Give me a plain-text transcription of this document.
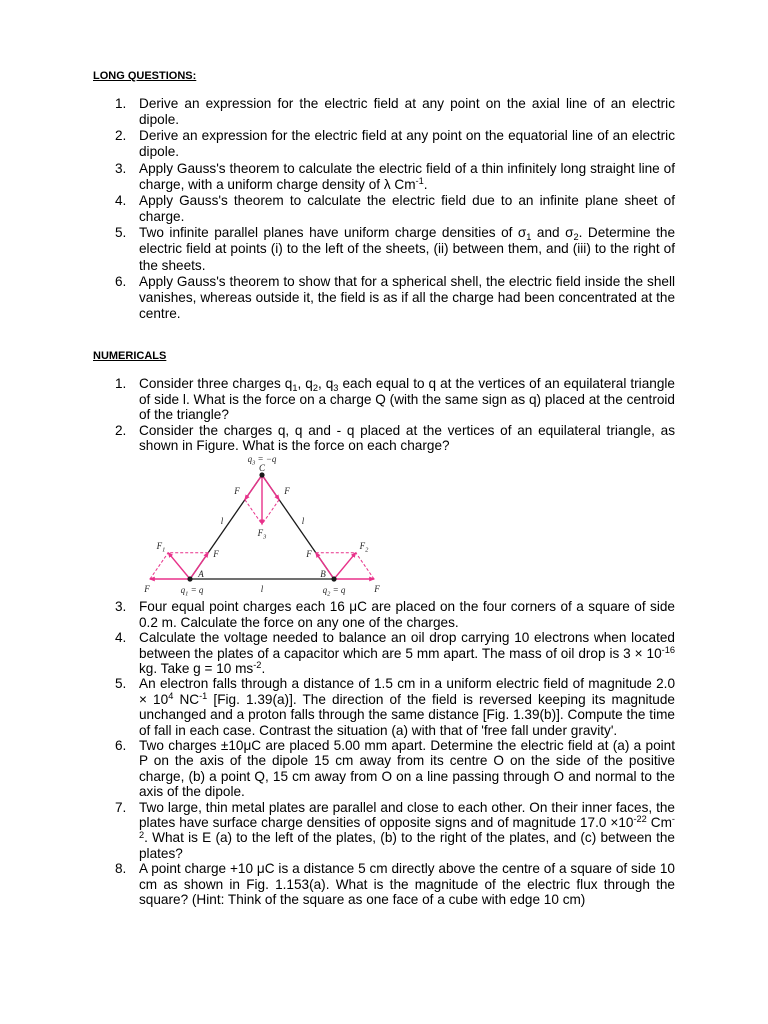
LONG QUESTIONS:
1. Derive an expression for the electric field at any point on the axial line of an electric dipole.
2. Derive an expression for the electric field at any point on the equatorial line of an electric dipole.
3. Apply Gauss's theorem to calculate the electric field of a thin infinitely long straight line of charge, with a uniform charge density of λ $Cm^{-1}$.
4. Apply Gauss's theorem to calculate the electric field due to an infinite plane sheet of charge.
5. Two infinite parallel planes have uniform charge densities of $\sigma_1$ and $\sigma_2$. Determine the electric field at points (i) to the left of the sheets, (ii) between them, and (iii) to the right of the sheets.
6. Apply Gauss's theorem to show that for a spherical shell, the electric field inside the shell vanishes, whereas outside it, the field is as if all the charge had been concentrated at the centre.
NUMERICALS
1. Consider three charges $q_1$, $q_2$, $q_3$ each equal to q at the vertices of an equilateral triangle of side l. What is the force on a charge Q (with the same sign as q) placed at the centroid of the triangle?
2. Consider the charges q, q and - q placed at the vertices of an equilateral triangle, as shown in Figure. What is the force on each charge?
$q_3 = -q$
C
F	F
$F_3$
l	l
F	F
$F_1$	$F_2$
A	B
F	F
$q_1 = q$	l	$q_2 = q$
3. Four equal point charges each 16 μC are placed on the four corners of a square of side 0.2 m. Calculate the force on any one of the charges.
4. Calculate the voltage needed to balance an oil drop carrying 10 electrons when located between the plates of a capacitor which are 5 mm apart. The mass of oil drop is $3 \times 10^{-16}$ kg. Take g = 10 $ms^{-2}$.
5. An electron falls through a distance of 1.5 cm in a uniform electric field of magnitude $2.0 \times 10^4$ $NC^{-1}$ [Fig. 1.39(a)]. The direction of the field is reversed keeping its magnitude unchanged and a proton falls through the same distance [Fig. 1.39(b)]. Compute the time of fall in each case. Contrast the situation (a) with that of 'free fall under gravity'.
6. Two charges ±10μC are placed 5.00 mm apart. Determine the electric field at (a) a point P on the axis of the dipole 15 cm away from its centre O on the side of the positive charge, (b) a point Q, 15 cm away from O on a line passing through O and normal to the axis of the dipole.
7. Two large, thin metal plates are parallel and close to each other. On their inner faces, the plates have surface charge densities of opposite signs and of magnitude $17.0 \times 10^{-22}$ $Cm^{-2}$. What is E (a) to the left of the plates, (b) to the right of the plates, and (c) between the plates?
8. A point charge +10 μC is a distance 5 cm directly above the centre of a square of side 10 cm as shown in Fig. 1.153(a). What is the magnitude of the electric flux through the square? (Hint: Think of the square as one face of a cube with edge 10 cm)
